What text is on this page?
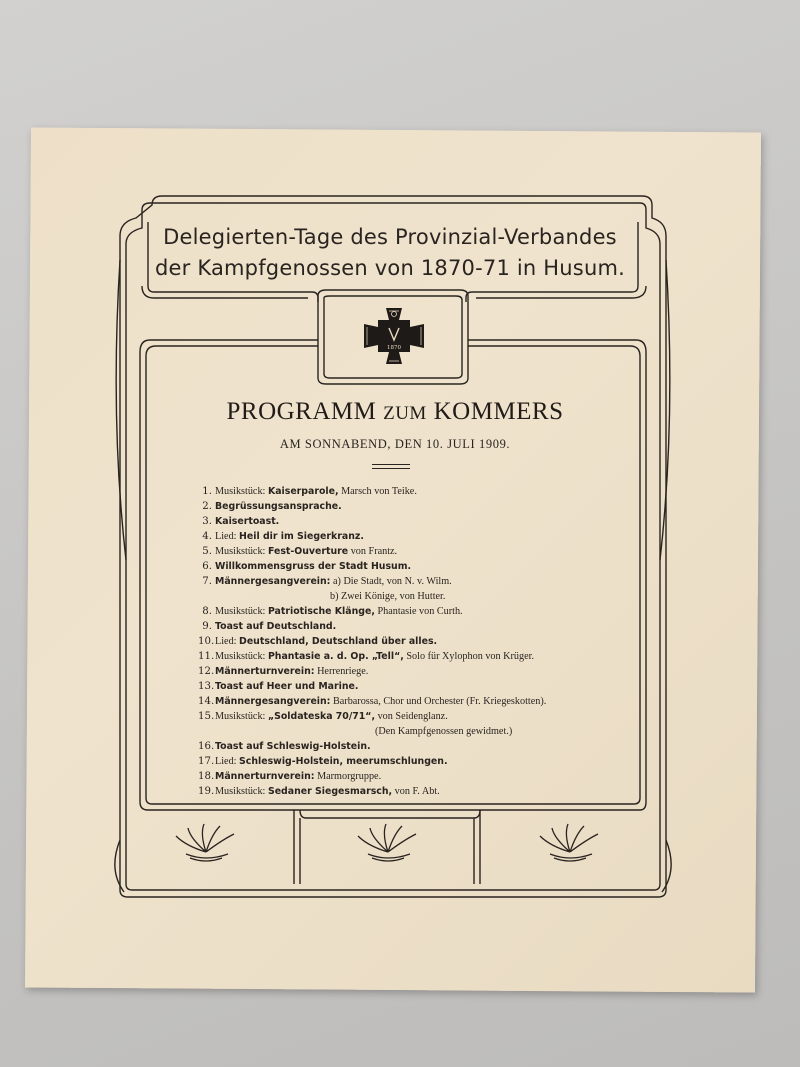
Delegierten-Tage des Provinzial-Verbandes
der Kampfgenossen von 1870-71 in Husum.
1870
PROGRAMM ZUM KOMMERS
AM SONNABEND, DEN 10. JULI 1909.
1. Musikstück: Kaiserparole, Marsch von Teike.
2. Begrüssungsansprache.
3. Kaisertoast.
4. Lied: Heil dir im Siegerkranz.
5. Musikstück: Fest-Ouverture von Frantz.
6. Willkommensgruss der Stadt Husum.
7. Männergesangverein: a) Die Stadt, von N. v. Wilm.
b) Zwei Könige, von Hutter.
8. Musikstück: Patriotische Klänge, Phantasie von Curth.
9. Toast auf Deutschland.
10. Lied: Deutschland, Deutschland über alles.
11. Musikstück: Phantasie a. d. Op. „Tell“, Solo für Xylophon von Krüger.
12. Männerturnverein: Herrenriege.
13. Toast auf Heer und Marine.
14. Männergesangverein: Barbarossa, Chor und Orchester (Fr. Kriegeskotten).
15. Musikstück: „Soldateska 70/71“, von Seidenglanz.
(Den Kampfgenossen gewidmet.)
16. Toast auf Schleswig-Holstein.
17. Lied: Schleswig-Holstein, meerumschlungen.
18. Männerturnverein: Marmorgruppe.
19. Musikstück: Sedaner Siegesmarsch, von F. Abt.
